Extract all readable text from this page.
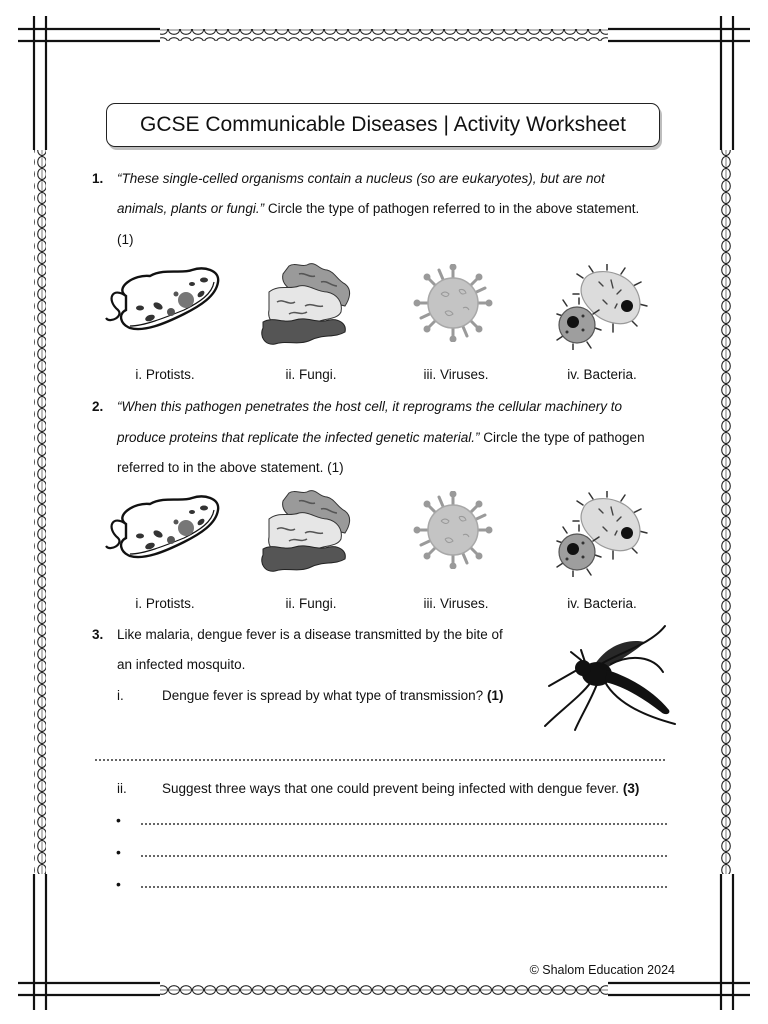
GCSE Communicable Diseases | Activity Worksheet
1. “These single-celled organisms contain a nucleus (so are eukaryotes), but are not
animals, plants or fungi.” Circle the type of pathogen referred to in the above statement.
(1)
i. Protists.	ii. Fungi.	iii. Viruses.	iv. Bacteria.
2. “When this pathogen penetrates the host cell, it reprograms the cellular machinery to
produce proteins that replicate the infected genetic material.” Circle the type of pathogen
referred to in the above statement. (1)
i. Protists.	ii. Fungi.	iii. Viruses.	iv. Bacteria.
3. Like malaria, dengue fever is a disease transmitted by the bite of
an infected mosquito.
i.	Dengue fever is spread by what type of transmission? (1)
ii.	Suggest three ways that one could prevent being infected with dengue fever. (3)
•
•
•
© Shalom Education 2024
